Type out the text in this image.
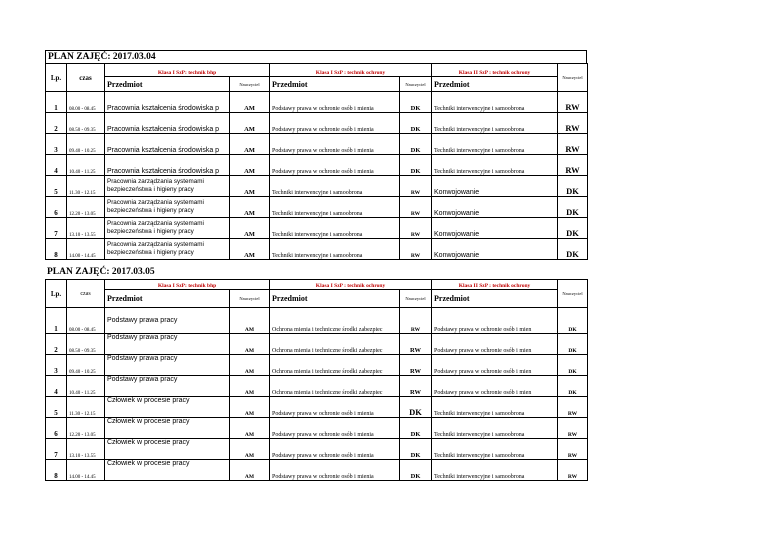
PLAN ZAJĘĆ: 2017.03.04
Lp.	czas	Klasa I SzP: technik bhp		Klasa I SzP : technik ochrony		Klasa II SzP : technik ochrony	Nauczyciel
		Przedmiot	Nauczyciel	Przedmiot	Nauczyciel	Przedmiot	
1	08.00 - 08.45	Pracownia kształcenia środowiska p	AM	Podstawy prawa w ochronie osób i mienia	DK	Techniki interwencyjne i samoobrona	RW
2	08.50 - 09.35	Pracownia kształcenia środowiska p	AM	Podstawy prawa w ochronie osób i mienia	DK	Techniki interwencyjne i samoobrona	RW
3	09.40 - 10.25	Pracownia kształcenia środowiska p	AM	Podstawy prawa w ochronie osób i mienia	DK	Techniki interwencyjne i samoobrona	RW
4	10.40 - 11.25	Pracownia kształcenia środowiska p	AM	Podstawy prawa w ochronie osób i mienia	DK	Techniki interwencyjne i samoobrona	RW
5	11.30 - 12.15	Pracownia zarządzania systemami bezpieczeństwa i higieny pracy	AM	Techniki interwencyjne i samoobrona	RW	Konwojowanie	DK
6	12.20 - 13.05	Pracownia zarządzania systemami bezpieczeństwa i higieny pracy	AM	Techniki interwencyjne i samoobrona	RW	Konwojowanie	DK
7	13.10 - 13.55	Pracownia zarządzania systemami bezpieczeństwa i higieny pracy	AM	Techniki interwencyjne i samoobrona	RW	Konwojowanie	DK
8	14.00 - 14.45	Pracownia zarządzania systemami bezpieczeństwa i higieny pracy	AM	Techniki interwencyjne i samoobrona	RW	Konwojowanie	DK
PLAN ZAJĘĆ: 2017.03.05
Lp.	czas	Klasa I SzP: technik bhp		Klasa I SzP : technik ochrony		Klasa II SzP : technik ochrony	Nauczyciel
		Przedmiot	Nauczyciel	Przedmiot	Nauczyciel	Przedmiot	
1	08.00 - 08.45	Podstawy prawa pracy	AM	Ochrona mienia i techniczne środki zabezpiec	RW	Podstawy prawa w ochronie osób i mien	DK
2	08.50 - 09.35	Podstawy prawa pracy	AM	Ochrona mienia i techniczne środki zabezpiec	RW	Podstawy prawa w ochronie osób i mien	DK
3	09.40 - 10.25	Podstawy prawa pracy	AM	Ochrona mienia i techniczne środki zabezpiec	RW	Podstawy prawa w ochronie osób i mien	DK
4	10.40 - 11.25	Podstawy prawa pracy	AM	Ochrona mienia i techniczne środki zabezpiec	RW	Podstawy prawa w ochronie osób i mien	DK
5	11.30 - 12.15	Człowiek w procesie pracy	AM	Podstawy prawa w ochronie osób i mienia	DK	Techniki interwencyjne i samoobrona	RW
6	12.20 - 13.05	Człowiek w procesie pracy	AM	Podstawy prawa w ochronie osób i mienia	DK	Techniki interwencyjne i samoobrona	RW
7	13.10 - 13.55	Człowiek w procesie pracy	AM	Podstawy prawa w ochronie osób i mienia	DK	Techniki interwencyjne i samoobrona	RW
8	14.00 - 14.45	Człowiek w procesie pracy	AM	Podstawy prawa w ochronie osób i mienia	DK	Techniki interwencyjne i samoobrona	RW
